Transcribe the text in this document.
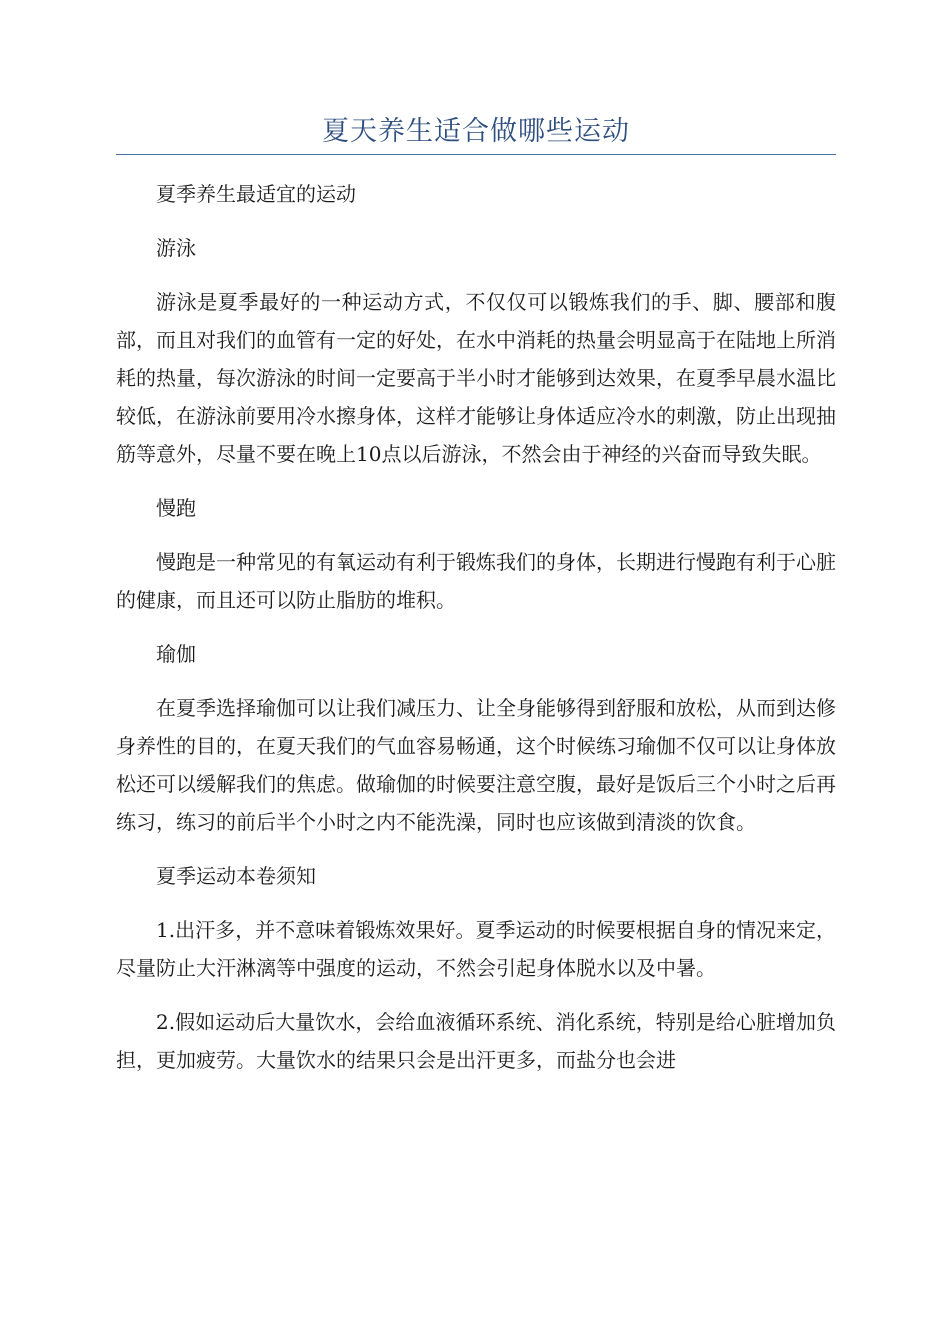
夏天养生适合做哪些运动

夏季养生最适宜的运动

游泳

游泳是夏季最好的一种运动方式，不仅仅可以锻炼我们的手、脚、腰部和腹部，而且对我们的血管有一定的好处，在水中消耗的热量会明显高于在陆地上所消耗的热量，每次游泳的时间一定要高于半小时才能够到达效果，在夏季早晨水温比较低，在游泳前要用冷水擦身体，这样才能够让身体适应冷水的刺激，防止出现抽筋等意外，尽量不要在晚上10点以后游泳，不然会由于神经的兴奋而导致失眠。

慢跑

慢跑是一种常见的有氧运动有利于锻炼我们的身体，长期进行慢跑有利于心脏的健康，而且还可以防止脂肪的堆积。

瑜伽

在夏季选择瑜伽可以让我们减压力、让全身能够得到舒服和放松，从而到达修身养性的目的，在夏天我们的气血容易畅通，这个时候练习瑜伽不仅可以让身体放松还可以缓解我们的焦虑。做瑜伽的时候要注意空腹，最好是饭后三个小时之后再练习，练习的前后半个小时之内不能洗澡，同时也应该做到清淡的饮食。

夏季运动本卷须知

1.出汗多，并不意味着锻炼效果好。夏季运动的时候要根据自身的情况来定，尽量防止大汗淋漓等中强度的运动，不然会引起身体脱水以及中暑。

2.假如运动后大量饮水，会给血液循环系统、消化系统，特别是给心脏增加负担，更加疲劳。大量饮水的结果只会是出汗更多，而盐分也会进
